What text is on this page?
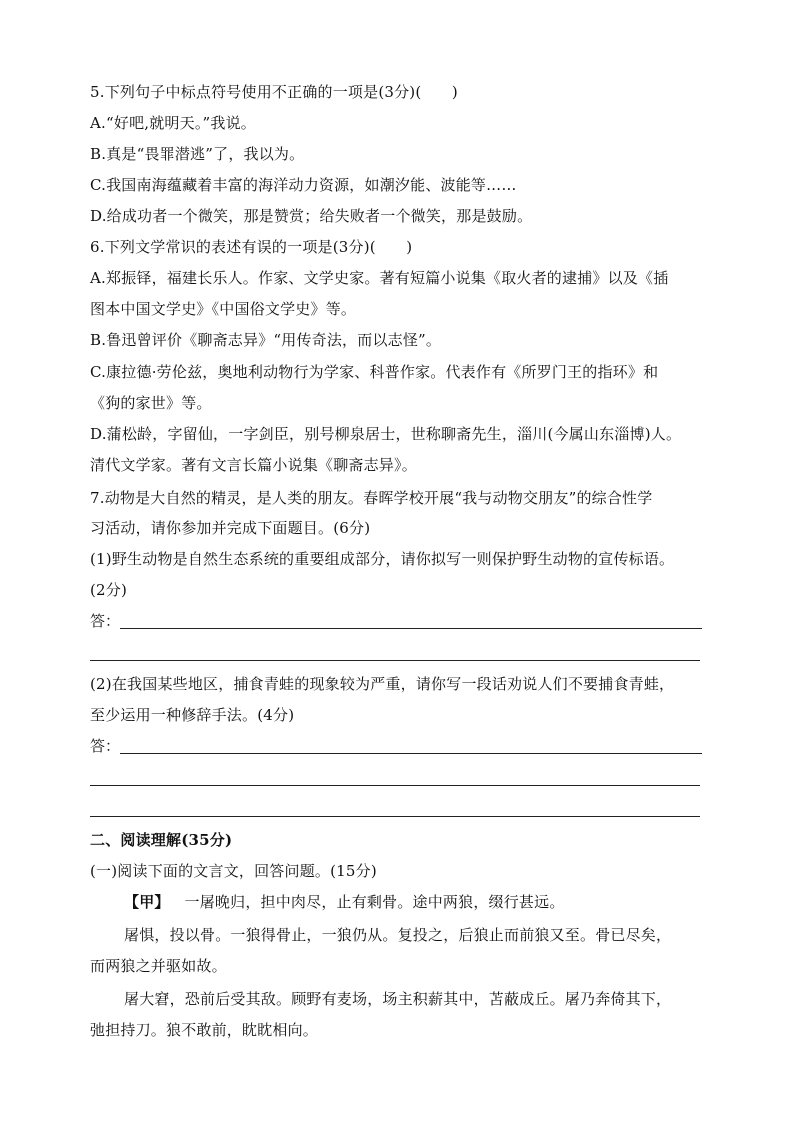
5.下列句子中标点符号使用不正确的一项是(3分)(　　)
A.“好吧,就明天。”我说。
B.真是“畏罪潜逃”了，我以为。
C.我国南海蕴藏着丰富的海洋动力资源，如潮汐能、波能等……
D.给成功者一个微笑，那是赞赏；给失败者一个微笑，那是鼓励。
6.下列文学常识的表述有误的一项是(3分)(　　)
A.郑振铎，福建长乐人。作家、文学史家。著有短篇小说集《取火者的逮捕》以及《插
图本中国文学史》《中国俗文学史》等。
B.鲁迅曾评价《聊斋志异》“用传奇法，而以志怪”。
C.康拉德·劳伦兹，奥地利动物行为学家、科普作家。代表作有《所罗门王的指环》和
《狗的家世》等。
D.蒲松龄，字留仙，一字剑臣，别号柳泉居士，世称聊斋先生，淄川(今属山东淄博)人。
清代文学家。著有文言长篇小说集《聊斋志异》。
7.动物是大自然的精灵，是人类的朋友。春晖学校开展“我与动物交朋友”的综合性学
习活动，请你参加并完成下面题目。(6分)
(1)野生动物是自然生态系统的重要组成部分，请你拟写一则保护野生动物的宣传标语。
(2分)
答：
(2)在我国某些地区，捕食青蛙的现象较为严重，请你写一段话劝说人们不要捕食青蛙，
至少运用一种修辞手法。(4分)
答：
二、阅读理解(35分)
(一)阅读下面的文言文，回答问题。(15分)
【甲】 一屠晚归，担中肉尽，止有剩骨。途中两狼，缀行甚远。
屠惧，投以骨。一狼得骨止，一狼仍从。复投之，后狼止而前狼又至。骨已尽矣，
而两狼之并驱如故。
屠大窘，恐前后受其敌。顾野有麦场，场主积薪其中，苫蔽成丘。屠乃奔倚其下，
弛担持刀。狼不敢前，眈眈相向。
